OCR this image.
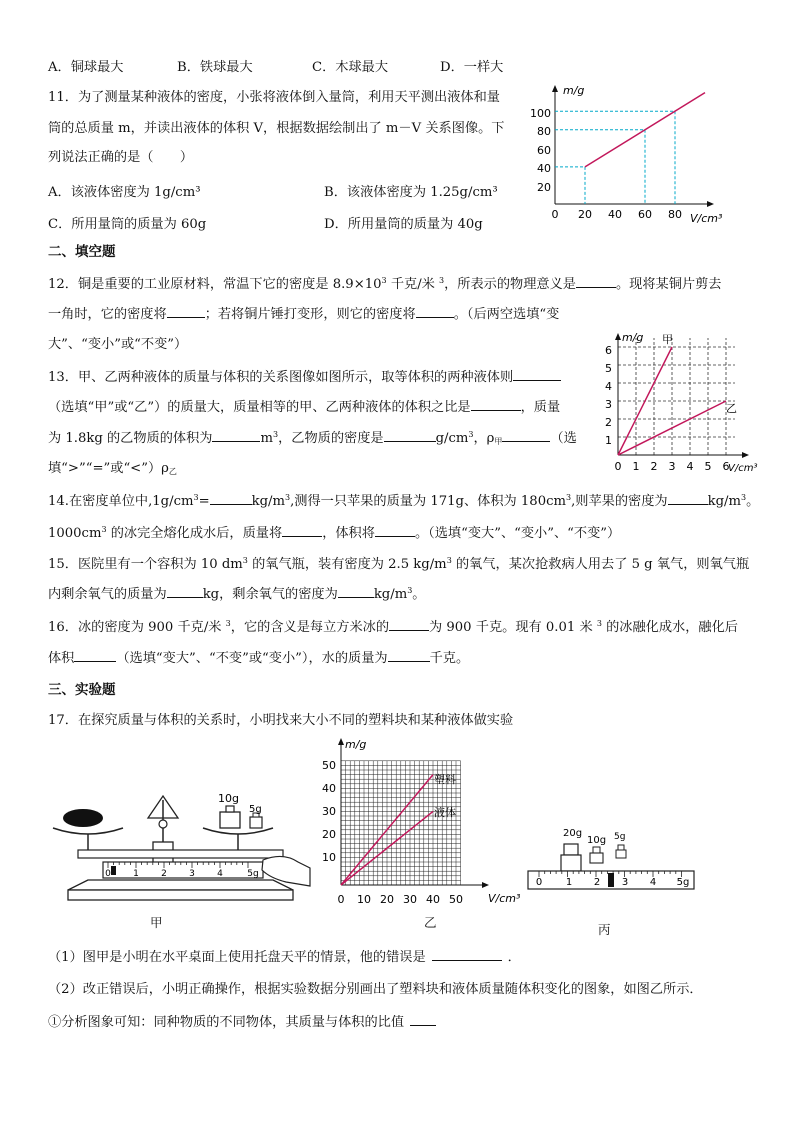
A．铜球最大	B．铁球最大	C．木球最大	D．一样大
11．为了测量某种液体的密度，小张将液体倒入量筒，利用天平测出液体和量
筒的总质量 m，并读出液体的体积 V，根据数据绘制出了 m－V 关系图像。下
列说法正确的是（　　）
A．该液体密度为 1g/cm³	B．该液体密度为 1.25g/cm³
C．所用量筒的质量为 60g	D．所用量筒的质量为 40g
m/g
V/cm³
100
80
60
40
20
0 20 40 60 80
二、填空题
12．铜是重要的工业原材料，常温下它的密度是 $8.9\times 10^3$ 千克/米 $^3$，所表示的物理意义是	。现将某铜片剪去
一角时，它的密度将	；若将铜片锤打变形，则它的密度将	。（后两空选填“变
大”、“变小”或“不变”）
13．甲、乙两种液体的质量与体积的关系图像如图所示，取等体积的两种液体则
（选填“甲”或“乙”）的质量大，质量相等的甲、乙两种液体的体积之比是	，质量
为 1.8kg 的乙物质的体积为	$m^3$，乙物质的密度是	$g/cm^3$，$\rho_甲$	（选
填“>”“=”或“$<”)\rho_乙$
m/g
V/cm³
6
5
4
3
2
1
0 1 2 3 4 5 6
甲
乙
14.在密度单位中$,1g/cm^3=$	$kg/m^3$,测得一只苹果的质量为 171g、体积为 $180cm^3$,则苹果的密度为	$kg/m^3$。
$1000cm^3$ 的冰完全熔化成水后，质量将	，体积将	。（选填“变大”、“变小”、“不变”）
15．医院里有一个容积为 10 $dm^3$ 的氧气瓶，装有密度为 2.5 $kg/m^3$ 的氧气，某次抢救病人用去了 5 g 氧气，则氧气瓶
内剩余氧气的质量为	kg，剩余氧气的密度为	$kg/m^3$。
16．冰的密度为 900 千克/米 $^3$，它的含义是每立方米冰的	为 900 千克。现有 0.01 米 $^3$ 的冰融化成水，融化后
体积	（选填“变大”、“不变”或“变小”），水的质量为	千克。
三、实验题
17．在探究质量与体积的关系时，小明找来大小不同的塑料块和某种液体做实验
10g
5g
0 1 2 3 4	5g
甲
m/g
V/cm³
50
40
30
20
10
0 10 20 30 40 50
塑料
液体
乙
20g
10g 5g
0 1 2 3 4 5g
丙
（1）图甲是小明在水平桌面上使用托盘天平的情景，他的错误是	．
（2）改正错误后，小明正确操作，根据实验数据分别画出了塑料块和液体质量随体积变化的图象，如图乙所示．
①分析图象可知：同种物质的不同物体，其质量与体积的比值
